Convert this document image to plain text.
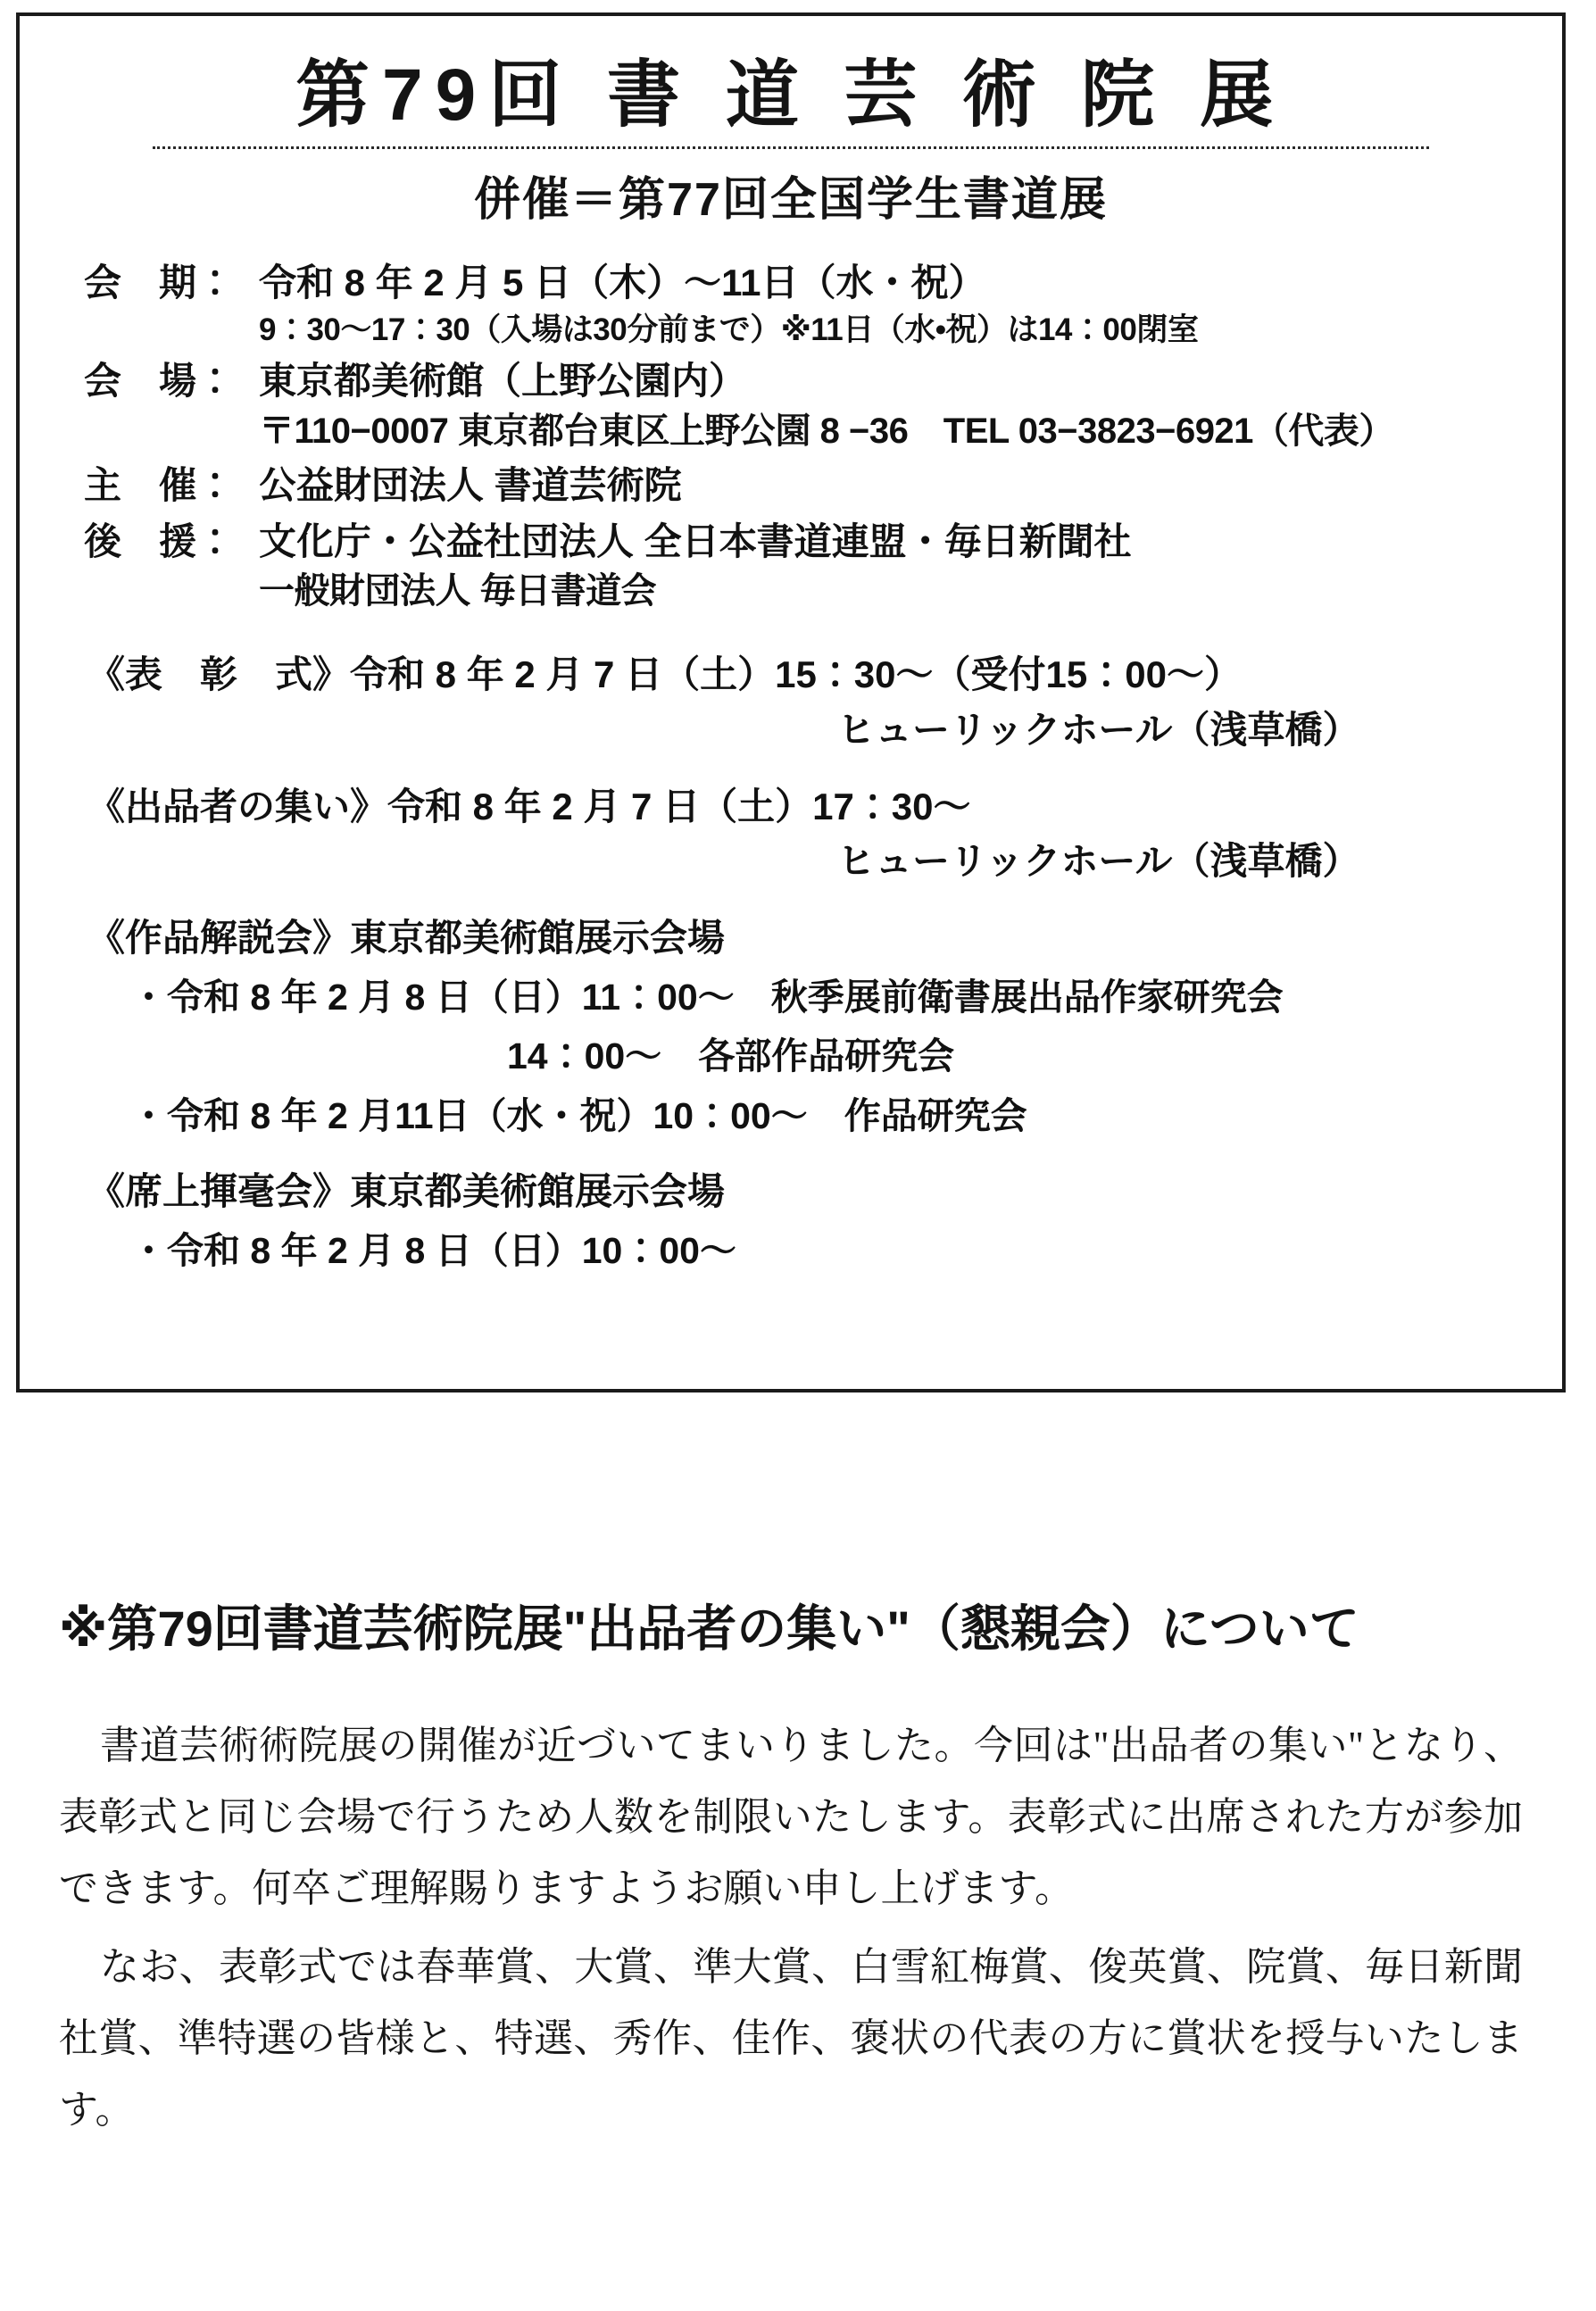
第79回 書 道 芸 術 院 展
併催＝第77回全国学生書道展
会　期： 令和 8 年 2 月 5 日（木）〜11日（水・祝）
9：30〜17：30（入場は30分前まで）※11日（水•祝）は14：00閉室
会　場： 東京都美術館（上野公園内）
〒110−0007 東京都台東区上野公園 8 −36　TEL 03−3823−6921（代表）
主　催： 公益財団法人 書道芸術院
後　援： 文化庁・公益社団法人 全日本書道連盟・毎日新聞社
一般財団法人 毎日書道会
《表　彰　式》令和 8 年 2 月 7 日（土）15：30〜（受付15：00〜）
ヒューリックホール（浅草橋）
《出品者の集い》令和 8 年 2 月 7 日（土）17：30〜
ヒューリックホール（浅草橋）
《作品解説会》東京都美術館展示会場
・令和 8 年 2 月 8 日（日）11：00〜　秋季展前衛書展出品作家研究会
14：00〜　各部作品研究会
・令和 8 年 2 月11日（水・祝）10：00〜　作品研究会
《席上揮毫会》東京都美術館展示会場
・令和 8 年 2 月 8 日（日）10：00〜
※第79回書道芸術院展"出品者の集い"（懇親会）について

書道芸術術院展の開催が近づいてまいりました。今回は"出品者の集い"となり、表彰式と同じ会場で行うため人数を制限いたします。表彰式に出席された方が参加できます。何卒ご理解賜りますようお願い申し上げます。

なお、表彰式では春華賞、大賞、準大賞、白雪紅梅賞、俊英賞、院賞、毎日新聞社賞、準特選の皆様と、特選、秀作、佳作、褒状の代表の方に賞状を授与いたします。
